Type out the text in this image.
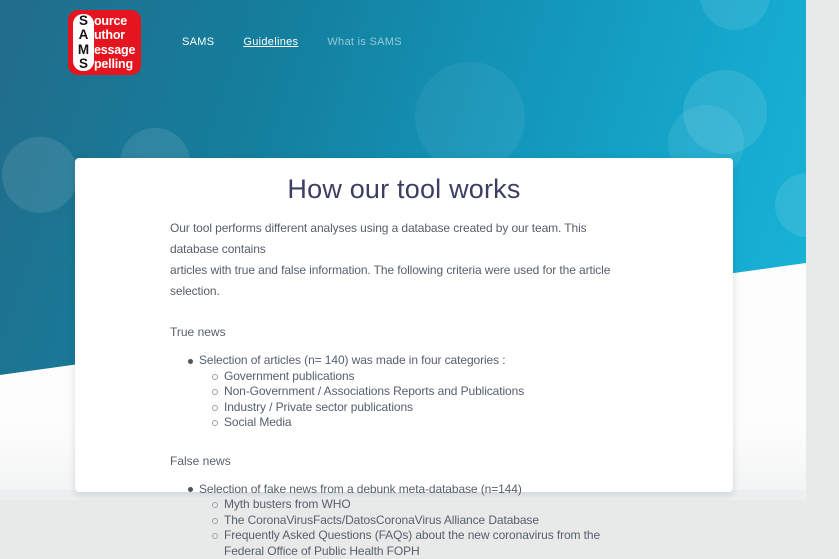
S ource
A uthor
M essage
S pelling
SAMS	Guidelines	What is SAMS
How our tool works
Our tool performs different analyses using a database created by our team. This database contains
articles with true and false information. The following criteria were used for the article selection.
True news
Selection of articles (n= 140) was made in four categories :
Government publications
Non-Government / Associations Reports and Publications
Industry / Private sector publications
Social Media
False news
Selection of fake news from a debunk meta-database (n=144)
Myth busters from WHO
The CoronaVirusFacts/DatosCoronaVirus Alliance Database
Frequently Asked Questions (FAQs) about the new coronavirus from the Federal Office of Public Health FOPH
